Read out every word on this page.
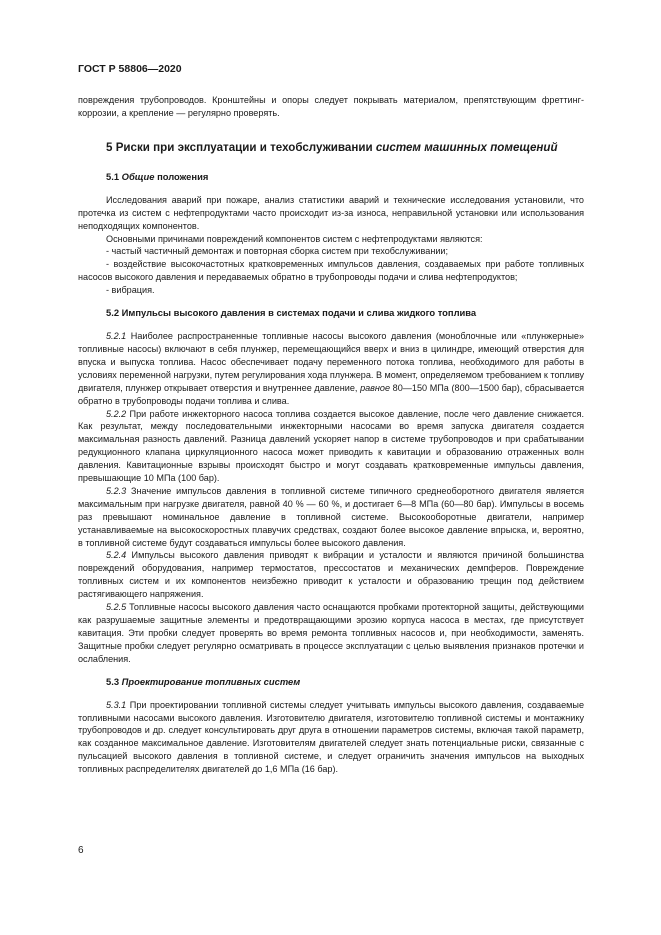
ГОСТ Р 58806—2020

повреждения трубопроводов. Кронштейны и опоры следует покрывать материалом, препятствующим фреттинг-коррозии, а крепление — регулярно проверять.

5 Риски при эксплуатации и техобслуживании систем машинных помещений
5.1 Общие положения

Исследования аварий при пожаре, анализ статистики аварий и технические исследования установили, что протечка из систем с нефтепродуктами часто происходит из-за износа, неправильной установки или использования неподходящих компонентов.

Основными причинами повреждений компонентов систем с нефтепродуктами являются:

- частый частичный демонтаж и повторная сборка систем при техобслуживании;

- воздействие высокочастотных кратковременных импульсов давления, создаваемых при работе топливных насосов высокого давления и передаваемых обратно в трубопроводы подачи и слива нефтепродуктов;

- вибрация.

5.2 Импульсы высокого давления в системах подачи и слива жидкого топлива

5.2.1 Наиболее распространенные топливные насосы высокого давления (моноблочные или «плунжерные» топливные насосы) включают в себя плунжер, перемещающийся вверх и вниз в цилиндре, имеющий отверстия для впуска и выпуска топлива. Насос обеспечивает подачу переменного потока топлива, необходимого для работы в условиях переменной нагрузки, путем регулирования хода плунжера. В момент, определяемом требованием к топливу двигателя, плунжер открывает отверстия и внутреннее давление, равное 80—150 МПа (800—1500 бар), сбрасывается обратно в трубопроводы подачи топлива и слива.

5.2.2 При работе инжекторного насоса топлива создается высокое давление, после чего давление снижается. Как результат, между последовательными инжекторными насосами во время запуска двигателя создается максимальная разность давлений. Разница давлений ускоряет напор в системе трубопроводов и при срабатывании редукционного клапана циркуляционного насоса может приводить к кавитации и образованию отраженных волн давления. Кавитационные взрывы происходят быстро и могут создавать кратковременные импульсы давления, превышающие 10 МПа (100 бар).

5.2.3 Значение импульсов давления в топливной системе типичного среднеоборотного двигателя является максимальным при нагрузке двигателя, равной 40 % — 60 %, и достигает 6—8 МПа (60—80 бар). Импульсы в восемь раз превышают номинальное давление в топливной системе. Высокооборотные двигатели, например устанавливаемые на высокоскоростных плавучих средствах, создают более высокое давление впрыска, и, вероятно, в топливной системе будут создаваться импульсы более высокого давления.

5.2.4 Импульсы высокого давления приводят к вибрации и усталости и являются причиной большинства повреждений оборудования, например термостатов, прессостатов и механических демпферов. Повреждение топливных систем и их компонентов неизбежно приводит к усталости и образованию трещин под действием растягивающего напряжения.

5.2.5 Топливные насосы высокого давления часто оснащаются пробками протекторной защиты, действующими как разрушаемые защитные элементы и предотвращающими эрозию корпуса насоса в местах, где присутствует кавитация. Эти пробки следует проверять во время ремонта топливных насосов и, при необходимости, заменять. Защитные пробки следует регулярно осматривать в процессе эксплуатации с целью выявления признаков протечки и ослабления.

5.3 Проектирование топливных систем

5.3.1 При проектировании топливной системы следует учитывать импульсы высокого давления, создаваемые топливными насосами высокого давления. Изготовителю двигателя, изготовителю топливной системы и монтажнику трубопроводов и др. следует консультировать друг друга в отношении параметров системы, включая такой параметр, как созданное максимальное давление. Изготовителям двигателей следует знать потенциальные риски, связанные с пульсацией высокого давления в топливной системе, и следует ограничить значения импульсов на выходных топливных распределителях двигателей до 1,6 МПа (16 бар).

6
